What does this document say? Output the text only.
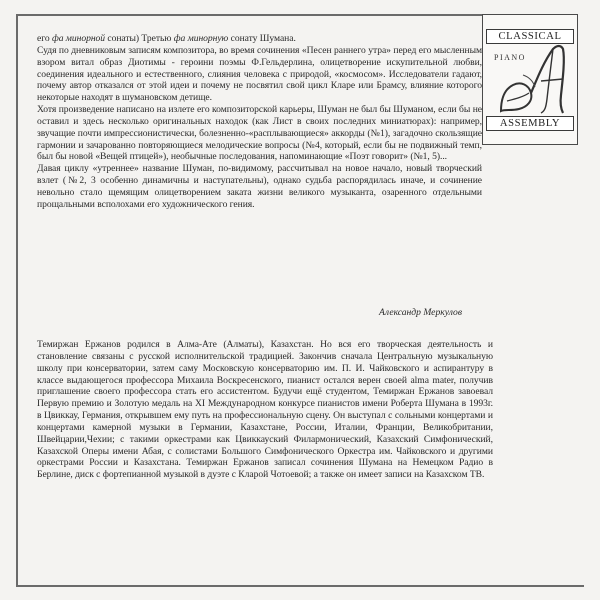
CLASSICAL
PIANO
ASSEMBLY

его фа минорной сонаты) Третью фа минорную сонату Шумана.

Судя по дневниковым записям композитора, во время сочинения «Песен раннего утра» перед его мысленным взором витал образ Диотимы - героини поэмы Ф.Гельдерлина, олицетворение искупительной любви, соединения идеального и естественного, слияния человека с природой, «космосом». Исследователи гадают, почему автор отказался от этой идеи и почему не посвятил свой цикл Кларе или Брамсу, влияние которого некоторые находят в шумановском детище.

Хотя произведение написано на излете его композиторской карьеры, Шуман не был бы Шуманом, если бы не оставил и здесь несколько оригинальных находок (как Лист в своих последних миниатюрах): например, звучащие почти импрессионистически, болезненно-«расплывающиеся» аккорды (№1), загадочно скользящие гармонии и зачарованно повторяющиеся мелодические вопросы (№4, который, если бы не подвижный темп, был бы новой «Вещей птицей»), необычные последования, напоминающие «Поэт говорит» (№1, 5)...

Давая циклу «утреннее» название Шуман, по-видимому, рассчитывал на новое начало, новый творческий взлет (№2, 3 особенно динамичны и наступательны), однако судьба распорядилась иначе, и сочинение невольно стало щемящим олицетворением заката жизни великого музыканта, озаренного отдельными прощальными всполохами его художнического гения.

Александр Меркулов

Темиржан Ержанов родился в Алма-Ате (Алматы), Казахстан. Но вся его творческая деятельность и становление связаны с русской исполнительской традицией. Закончив сначала Центральную музыкальную школу при консерватории, затем саму Московскую консерваторию им. П. И. Чайковского и аспирантуру в классе выдающегося профессора Михаила Воскресенского, пианист остался верен своей alma mater, получив приглашение своего профессора стать его ассистентом. Будучи ещё студентом, Темиржан Ержанов завоевал Первую премию и Золотую медаль на XI Международном конкурсе пианистов имени Роберта Шумана в 1993г. в Цвиккау, Германия, открывшем ему путь на профессиональную сцену. Он выступал с сольными концертами и концертами камерной музыки в Германии, Казахстане, России, Италии, Франции, Великобритании, Швейцарии,Чехии; с такими оркестрами как Цвиккауский Филармонический, Казахский Симфонический, Казахской Оперы имени Абая, с солистами Большого Симфонического Оркестра им. Чайковского и другими оркестрами России и Казахстана. Темиржан Ержанов записал сочинения Шумана на Немецком Радио в Берлине, диск с фортепианной музыкой в дуэте с Кларой Чотоевой; а также он имеет записи на Казахском ТВ.
